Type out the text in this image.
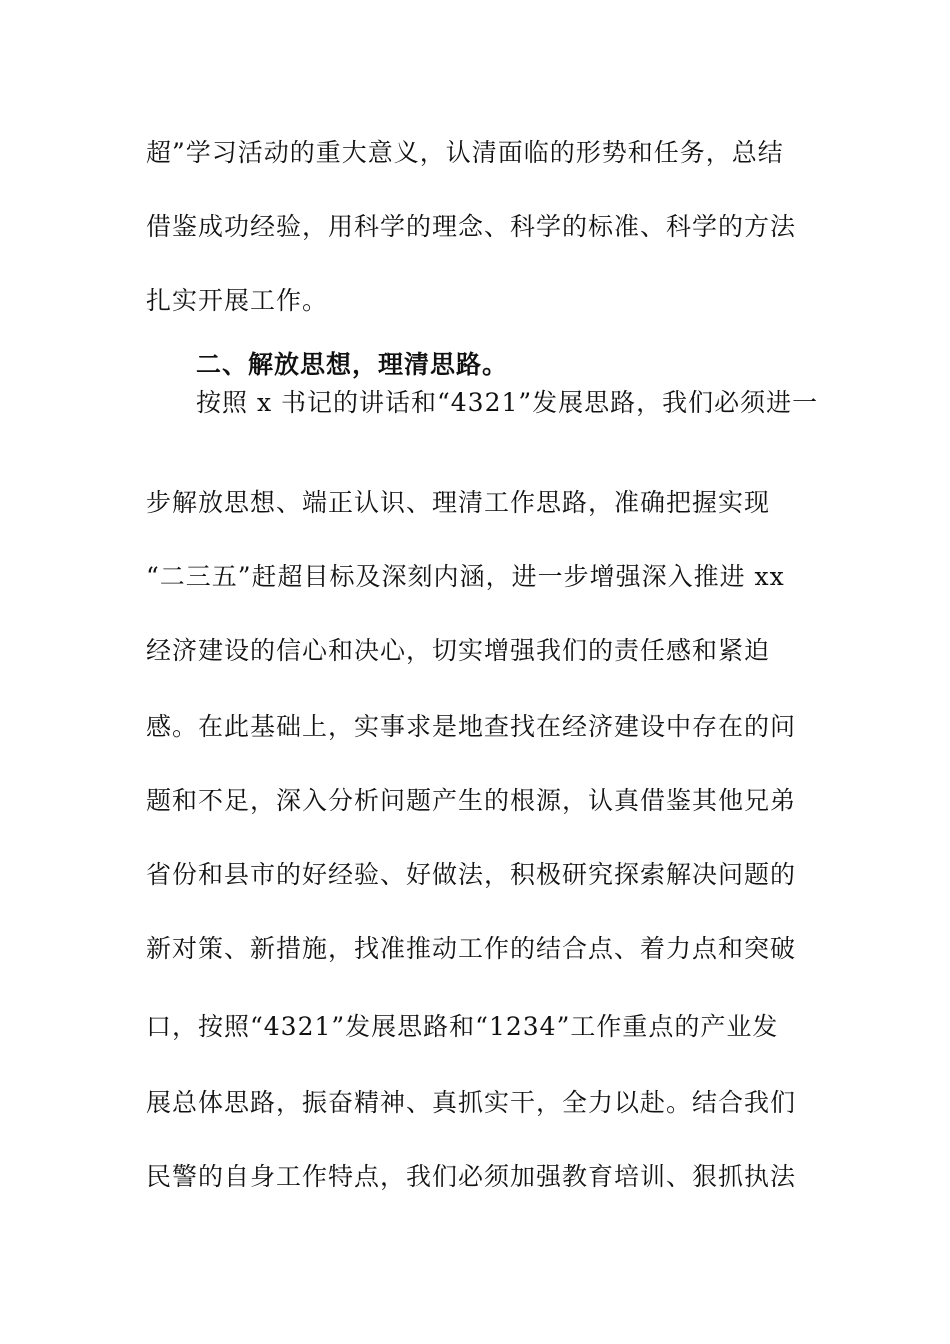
超”学习活动的重大意义，认清面临的形势和任务，总结
借鉴成功经验，用科学的理念、科学的标准、科学的方法
扎实开展工作。
二、解放思想，理清思路。
按照 x 书记的讲话和“4321”发展思路，我们必须进一
步解放思想、端正认识、理清工作思路，准确把握实现
“二三五”赶超目标及深刻内涵，进一步增强深入推进 xx
经济建设的信心和决心，切实增强我们的责任感和紧迫
感。在此基础上，实事求是地查找在经济建设中存在的问
题和不足，深入分析问题产生的根源，认真借鉴其他兄弟
省份和县市的好经验、好做法，积极研究探索解决问题的
新对策、新措施，找准推动工作的结合点、着力点和突破
口，按照“4321”发展思路和“1234”工作重点的产业发
展总体思路，振奋精神、真抓实干，全力以赴。结合我们
民警的自身工作特点，我们必须加强教育培训、狠抓执法
